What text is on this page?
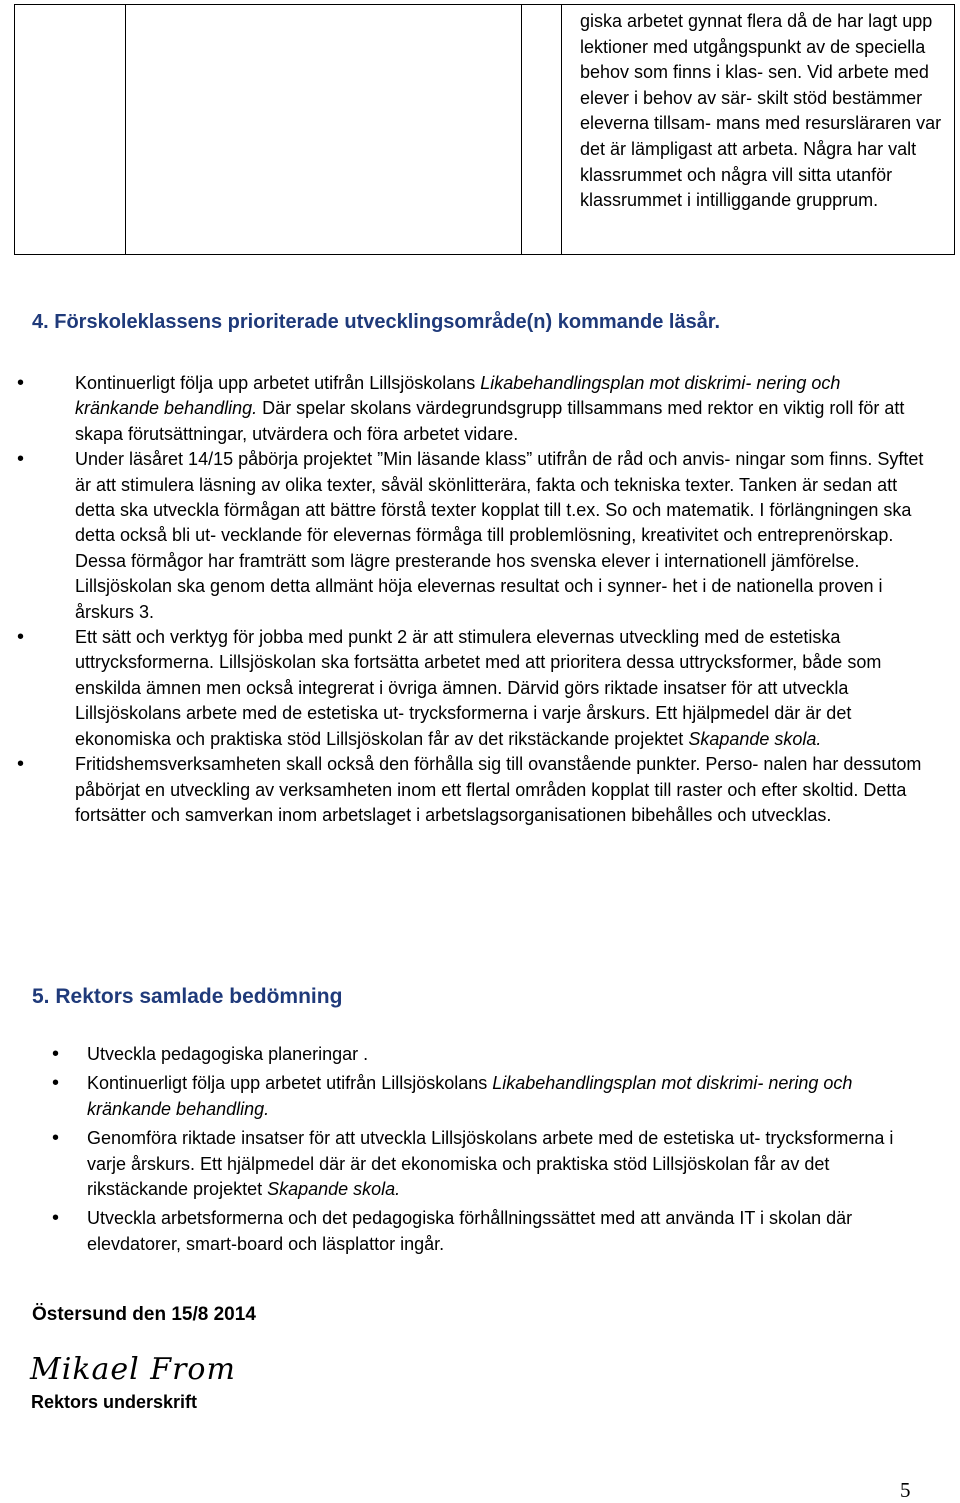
giska arbetet gynnat flera då de har lagt upp lektioner med utgångspunkt av de speciella behov som finns i klas- sen. Vid arbete med elever i behov av sär- skilt stöd bestämmer eleverna tillsam- mans med resursläraren var det är lämpligast att arbeta. Några har valt klassrummet och några vill sitta utanför klassrummet i intilliggande grupprum.
4. Förskoleklassens prioriterade utvecklingsområde(n) kommande läsår.
•	Kontinuerligt följa upp arbetet utifrån Lillsjöskolans Likabehandlingsplan mot diskrimi- nering och kränkande behandling. Där spelar skolans värdegrundsgrupp tillsammans med rektor en viktig roll för att skapa förutsättningar, utvärdera och föra arbetet vidare.
•	Under läsåret 14/15 påbörja projektet ”Min läsande klass” utifrån de råd och anvis- ningar som finns. Syftet är att stimulera läsning av olika texter, såväl skönlitterära, fakta och tekniska texter. Tanken är sedan att detta ska utveckla förmågan att bättre förstå texter kopplat till t.ex. So och matematik. I förlängningen ska detta också bli ut- vecklande för elevernas förmåga till problemlösning, kreativitet och entreprenörskap. Dessa förmågor har framträtt som lägre presterande hos svenska elever i internationell jämförelse. Lillsjöskolan ska genom detta allmänt höja elevernas resultat och i synner- het i de nationella proven i årskurs 3.
•	Ett sätt och verktyg för jobba med punkt 2 är att stimulera elevernas utveckling med de estetiska uttrycksformerna. Lillsjöskolan ska fortsätta arbetet med att prioritera dessa uttrycksformer, både som enskilda ämnen men också integrerat i övriga ämnen. Därvid görs riktade insatser för att utveckla Lillsjöskolans arbete med de estetiska ut- trycksformerna i varje årskurs. Ett hjälpmedel där är det ekonomiska och praktiska stöd Lillsjöskolan får av det rikstäckande projektet Skapande skola.
•	Fritidshemsverksamheten skall också den förhålla sig till ovanstående punkter. Perso- nalen har dessutom påbörjat en utveckling av verksamheten inom ett flertal områden kopplat till raster och efter skoltid. Detta fortsätter och samverkan inom arbetslaget i arbetslagsorganisationen bibehålles och utvecklas.
5. Rektors samlade bedömning
• Utveckla pedagogiska planeringar .
• Kontinuerligt följa upp arbetet utifrån Lillsjöskolans Likabehandlingsplan mot diskrimi- nering och kränkande behandling.
• Genomföra riktade insatser för att utveckla Lillsjöskolans arbete med de estetiska ut- trycksformerna i varje årskurs. Ett hjälpmedel där är det ekonomiska och praktiska stöd Lillsjöskolan får av det rikstäckande projektet Skapande skola.
• Utveckla arbetsformerna och det pedagogiska förhållningssättet med att använda IT i skolan där elevdatorer, smart-board och läsplattor ingår.

Östersund den 15/8 2014

Mikael From

Rektors underskrift

5
